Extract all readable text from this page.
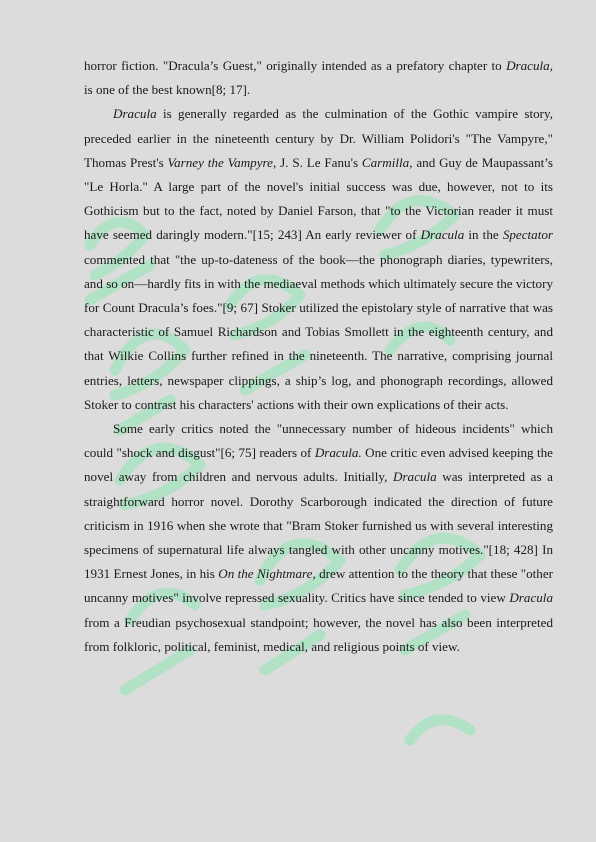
horror fiction. "Dracula’s Guest," originally intended as a prefatory chapter to Dracula, is one of the best known[8; 17].

Dracula is generally regarded as the culmination of the Gothic vampire story, preceded earlier in the nineteenth century by Dr. William Polidori's "The Vampyre," Thomas Prest's Varney the Vampyre, J. S. Le Fanu's Carmilla, and Guy de Maupassant’s "Le Horla." A large part of the novel's initial success was due, however, not to its Gothicism but to the fact, noted by Daniel Farson, that "to the Victorian reader it must have seemed daringly modern."[15; 243] An early reviewer of Dracula in the Spectator commented that "the up-to-dateness of the book—the phonograph diaries, typewriters, and so on—hardly fits in with the mediaeval methods which ultimately secure the victory for Count Dracula’s foes."[9; 67] Stoker utilized the epistolary style of narrative that was characteristic of Samuel Richardson and Tobias Smollett in the eighteenth century, and that Wilkie Collins further refined in the nineteenth. The narrative, comprising journal entries, letters, newspaper clippings, a ship’s log, and phonograph recordings, allowed Stoker to contrast his characters' actions with their own explications of their acts.

Some early critics noted the "unnecessary number of hideous incidents" which could "shock and disgust"[6; 75] readers of Dracula. One critic even advised keeping the novel away from children and nervous adults. Initially, Dracula was interpreted as a straightforward horror novel. Dorothy Scarborough indicated the direction of future criticism in 1916 when she wrote that "Bram Stoker furnished us with several interesting specimens of supernatural life always tangled with other uncanny motives."[18; 428] In 1931 Ernest Jones, in his On the Nightmare, drew attention to the theory that these "other uncanny motives" involve repressed sexuality. Critics have since tended to view Dracula from a Freudian psychosexual standpoint; however, the novel has also been interpreted from folkloric, political, feminist, medical, and religious points of view.
